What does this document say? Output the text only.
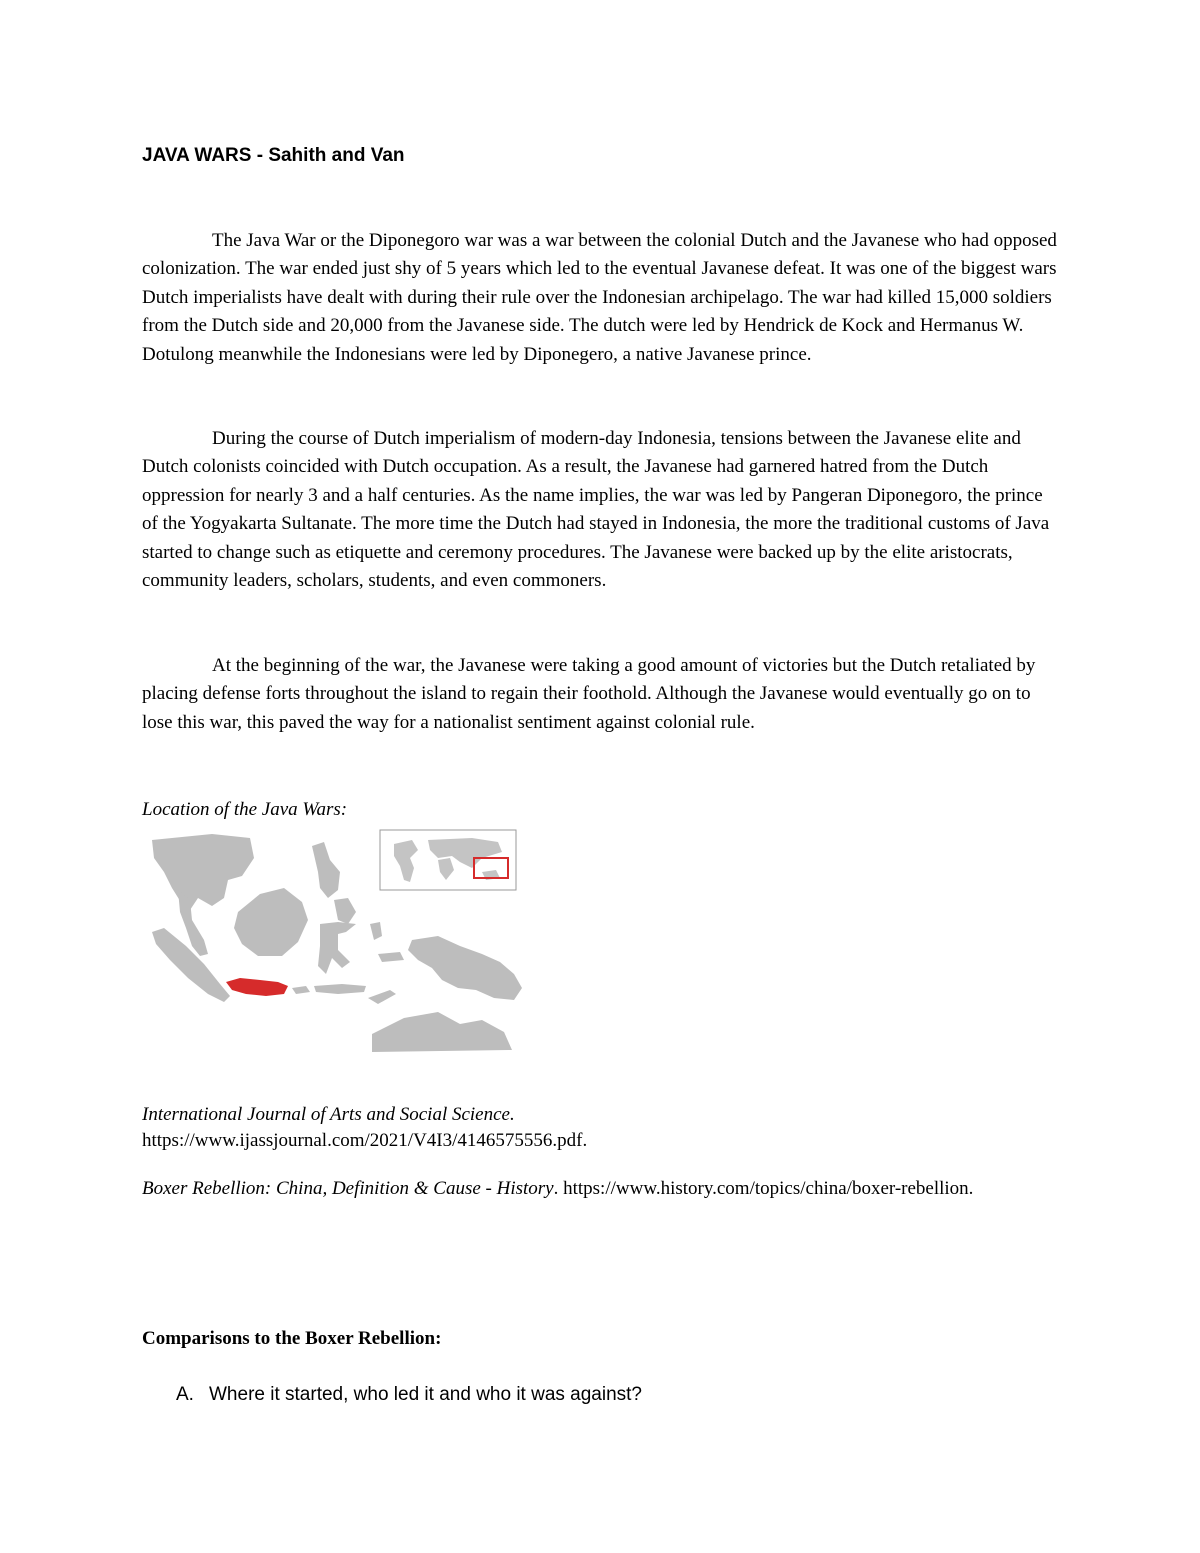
JAVA WARS - Sahith and Van
The Java War or the Diponegoro war was a war between the colonial Dutch and the Javanese who had opposed colonization. The war ended just shy of 5 years which led to the eventual Javanese defeat. It was one of the biggest wars Dutch imperialists have dealt with during their rule over the Indonesian archipelago. The war had killed 15,000 soldiers from the Dutch side and 20,000 from the Javanese side. The dutch were led by Hendrick de Kock and Hermanus W. Dotulong meanwhile the Indonesians were led by Diponegero, a native Javanese prince.
During the course of Dutch imperialism of modern-day Indonesia, tensions between the Javanese elite and Dutch colonists coincided with Dutch occupation. As a result, the Javanese had garnered hatred from the Dutch oppression for nearly 3 and a half centuries. As the name implies, the war was led by Pangeran Diponegoro, the prince of the Yogyakarta Sultanate. The more time the Dutch had stayed in Indonesia, the more the traditional customs of Java started to change such as etiquette and ceremony procedures. The Javanese were backed up by the elite aristocrats, community leaders, scholars, students, and even commoners.
At the beginning of the war, the Javanese were taking a good amount of victories but the Dutch retaliated by placing defense forts throughout the island to regain their foothold. Although the Javanese would eventually go on to lose this war, this paved the way for a nationalist sentiment against colonial rule.
Location of the Java Wars:
International Journal of Arts and Social Science.
https://www.ijassjournal.com/2021/V4I3/4146575556.pdf.
Boxer Rebellion: China, Definition & Cause - History. https://www.history.com/topics/china/boxer-rebellion.
Comparisons to the Boxer Rebellion:
A. Where it started, who led it and who it was against?
